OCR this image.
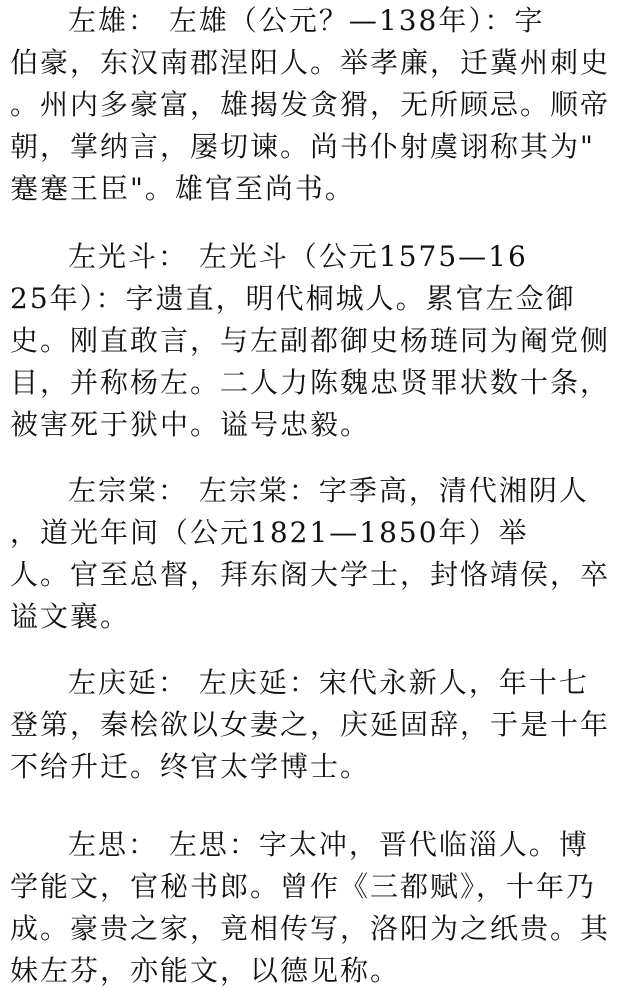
左雄： 左雄（公元？—138年）：字
伯豪，东汉南郡涅阳人。举孝廉，迁冀州刺史
。州内多豪富，雄揭发贪猾，无所顾忌。顺帝
朝，掌纳言，屡切谏。尚书仆射虞诩称其为"
蹇蹇王臣"。雄官至尚书。
左光斗： 左光斗（公元1575—16
25年）：字遗直，明代桐城人。累官左佥御
史。刚直敢言，与左副都御史杨琏同为阉党侧
目，并称杨左。二人力陈魏忠贤罪状数十条，
被害死于狱中。谥号忠毅。
左宗棠： 左宗棠：字季高，清代湘阴人
，道光年间（公元1821—1850年）举
人。官至总督，拜东阁大学士，封恪靖侯，卒
谥文襄。
左庆延： 左庆延：宋代永新人，年十七
登第，秦桧欲以女妻之，庆延固辞，于是十年
不给升迁。终官太学博士。
左思： 左思：字太冲，晋代临淄人。博
学能文，官秘书郎。曾作《三都赋》，十年乃
成。豪贵之家，竟相传写，洛阳为之纸贵。其
妹左芬，亦能文，以德见称。
